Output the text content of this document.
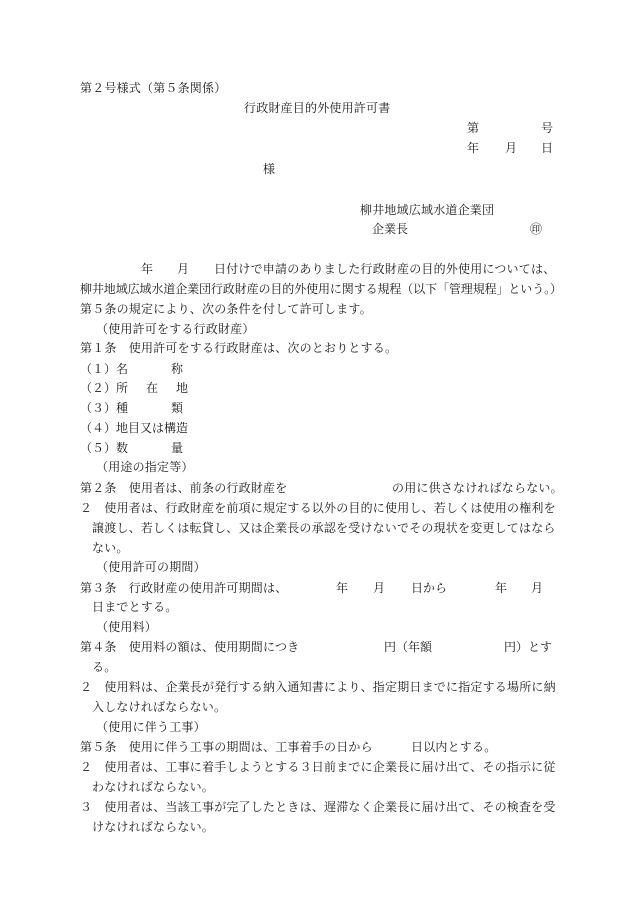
第２号様式（第５条関係）
行政財産目的外使用許可書
第	号
年 月 日
様
柳井地域広域水道企業団
企業長	㊞
年 月 日付けで申請のありました行政財産の目的外使用については、
柳井地域広域水道企業団行政財産の目的外使用に関する規程（以下「管理規程」という。）
第５条の規定により、次の条件を付して許可します。
（使用許可をする行政財産）
第１条　使用許可をする行政財産は、次のとおりとする。
（１） 名　　　　称
（２） 所　　在　　地
（３） 種　　　　類
（４） 地目又は構造
（５） 数　　　　量
（用途の指定等）
第２条　使用者は、前条の行政財産を	の用に供さなければならない。
２　使用者は、行政財産を前項に規定する以外の目的に使用し、若しくは使用の権利を
譲渡し、若しくは転貸し、又は企業長の承認を受けないでその現状を変更してはなら
ない。
（使用許可の期間）
第３条　行政財産の使用許可期間は、	年 月 日から	年 月
日までとする。
（使用料）
第４条　使用料の額は、使用期間につき	円（年額	円）とす
る。
２　使用料は、企業長が発行する納入通知書により、指定期日までに指定する場所に納
入しなければならない。
（使用に伴う工事）
第５条　使用に伴う工事の期間は、工事着手の日から	日以内とする。
２　使用者は、工事に着手しようとする３日前までに企業長に届け出て、その指示に従
わなければならない。
３　使用者は、当該工事が完了したときは、遅滞なく企業長に届け出て、その検査を受
けなければならない。
